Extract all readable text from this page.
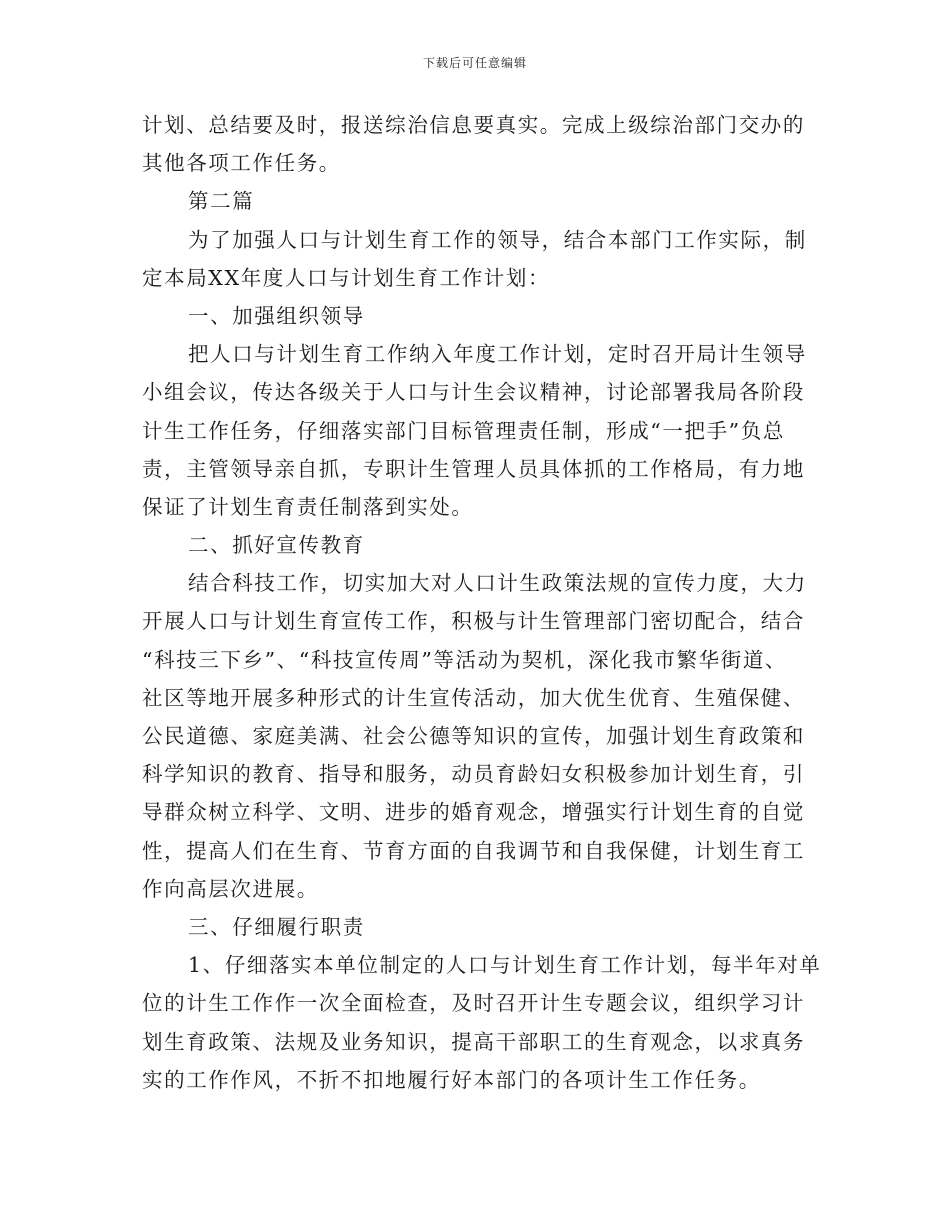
下载后可任意编辑
计划、总结要及时，报送综治信息要真实。完成上级综治部门交办的
其他各项工作任务。
第二篇
为了加强人口与计划生育工作的领导，结合本部门工作实际，制
定本局XX年度人口与计划生育工作计划：
一、加强组织领导
把人口与计划生育工作纳入年度工作计划，定时召开局计生领导
小组会议，传达各级关于人口与计生会议精神，讨论部署我局各阶段
计生工作任务，仔细落实部门目标管理责任制，形成“一把手”负总
责，主管领导亲自抓，专职计生管理人员具体抓的工作格局，有力地
保证了计划生育责任制落到实处。
二、抓好宣传教育
结合科技工作，切实加大对人口计生政策法规的宣传力度，大力
开展人口与计划生育宣传工作，积极与计生管理部门密切配合，结合
“科技三下乡”、“科技宣传周”等活动为契机，深化我市繁华街道、
社区等地开展多种形式的计生宣传活动，加大优生优育、生殖保健、
公民道德、家庭美满、社会公德等知识的宣传，加强计划生育政策和
科学知识的教育、指导和服务，动员育龄妇女积极参加计划生育，引
导群众树立科学、文明、进步的婚育观念，增强实行计划生育的自觉
性，提高人们在生育、节育方面的自我调节和自我保健，计划生育工
作向高层次进展。
三、仔细履行职责
1、仔细落实本单位制定的人口与计划生育工作计划，每半年对单
位的计生工作作一次全面检查，及时召开计生专题会议，组织学习计
划生育政策、法规及业务知识，提高干部职工的生育观念，以求真务
实的工作作风，不折不扣地履行好本部门的各项计生工作任务。
